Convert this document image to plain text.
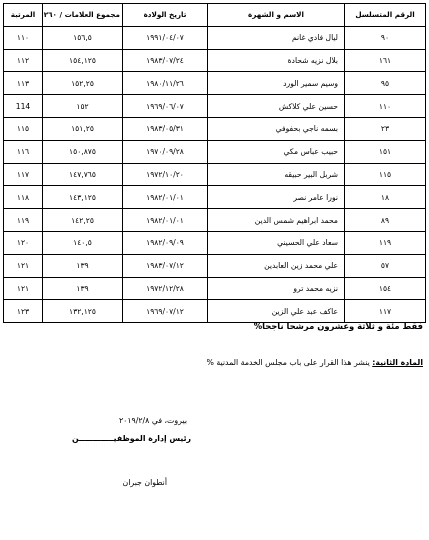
الرقم المتسلسل	الاسم و الشهرة	تاريخ الولادة	مجموع العلامات / ٢٦٠	المرتبة
٩٠	ليال فادي غانم	١٩٩١/٠٤/٠٧	١٥٦,٥	١١٠
١٦١	بلال نزيه شحادة	١٩٨٣/٠٧/٢٤	١٥٤,١٢٥	١١٢
٩٥	وسيم سمير الورد	١٩٨٠/١١/٢٦	١٥٢,٢٥	١١٣
١١٠	حسين علي كلاكش	١٩٦٩/٠٦/٠٧	١٥٢	114
٢٣	بسمه ناجي بحفوفي	١٩٨٣/٠٥/٣١	١٥١,٢٥	١١٥
١٥١	حبيب عباس مكي	١٩٧٠/٠٩/٢٨	١٥٠,٨٧٥	١١٦
١١٥	شربل البير حبيقه	١٩٧٢/١٠/٢٠	١٤٧,٧٦٥	١١٧
١٨	نورا عامر نصر	١٩٨٢/٠١/٠١	١٤٣,١٢٥	١١٨
٨٩	محمد ابراهيم شمس الدين	١٩٨٢/٠١/٠١	١٤٢,٢٥	١١٩
١١٩	سعاد علي الحسيني	١٩٨٢/٠٩/٠٩	١٤٠,٥	١٢٠
٥٧	علي محمد زين العابدين	١٩٨٣/٠٧/١٢	١٣٩	١٢١
١٥٤	نزيه محمد ترو	١٩٧٢/١٢/٢٨	١٣٩	١٢١
١١٧	عاكف عبد علي الزين	١٩٦٩/٠٧/١٢	١٣٢,١٢٥	١٢٣
فقط مئة و ثلاثة وعشرون مرشحا ناجحا%
المادة الثانية: ينشر هذا القرار على باب مجلس الخدمة المدنية %
بيروت، في ٢٠١٩/٢/٨
رئيس إدارة الموظفيـــــــــــــن
أنطوان جبران
